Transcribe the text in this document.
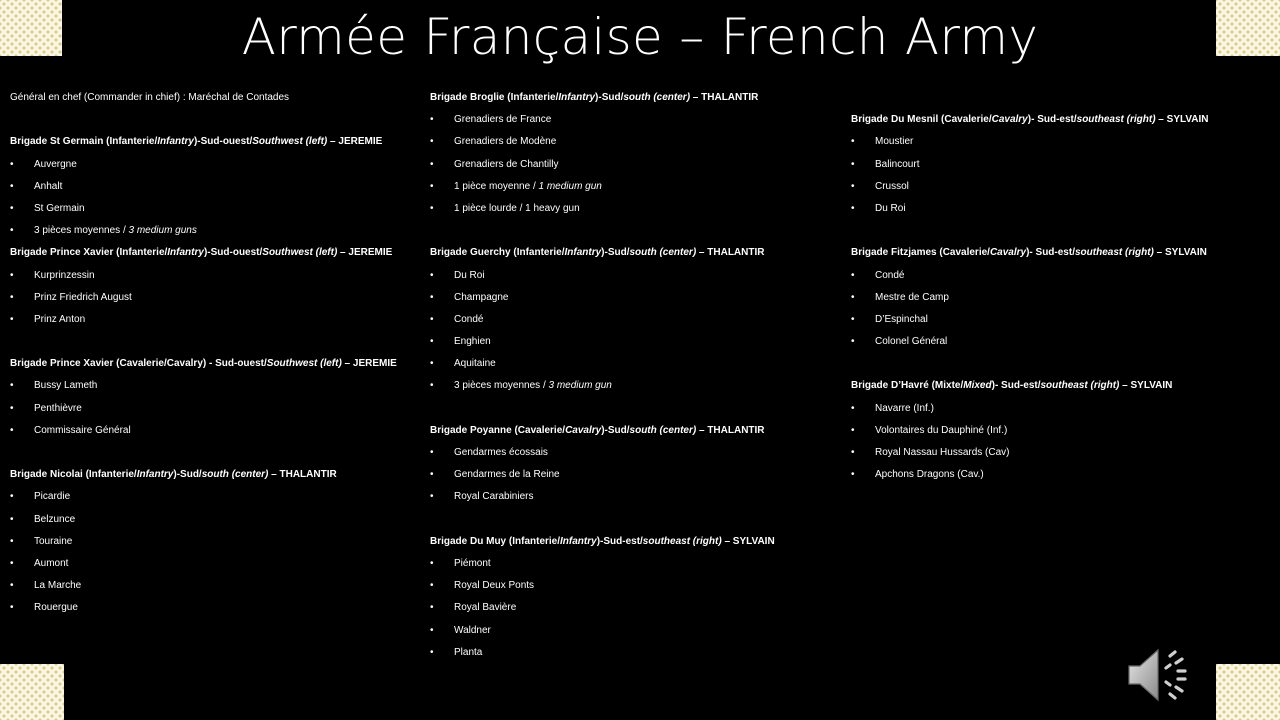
Armée Française – French Army
Général en chef (Commander in chief) : Maréchal de Contades
Brigade St Germain (Infanterie/Infantry)-Sud-ouest/Southwest (left) – JEREMIE
• Auvergne
• Anhalt
• St Germain
• 3 pièces moyennes / 3 medium guns
Brigade Prince Xavier (Infanterie/Infantry)-Sud-ouest/Southwest (left) – JEREMIE
• Kurprinzessin
• Prinz Friedrich August
• Prinz Anton
Brigade Prince Xavier (Cavalerie/Cavalry) - Sud-ouest/Southwest (left) – JEREMIE
• Bussy Lameth
• Penthièvre
• Commissaire Général
Brigade Nicolai (Infanterie/Infantry)-Sud/south (center) – THALANTIR
• Picardie
• Belzunce
• Touraine
• Aumont
• La Marche
• Rouergue
Brigade Broglie (Infanterie/Infantry)-Sud/south (center) – THALANTIR
• Grenadiers de France
• Grenadiers de Modène
• Grenadiers de Chantilly
• 1 pièce moyenne / 1 medium gun
• 1 pièce lourde / 1 heavy gun
Brigade Guerchy (Infanterie/Infantry)-Sud/south (center) – THALANTIR
• Du Roi
• Champagne
• Condé
• Enghien
• Aquitaine
• 3 pièces moyennes / 3 medium gun
Brigade Poyanne (Cavalerie/Cavalry)-Sud/south (center) – THALANTIR
• Gendarmes écossais
• Gendarmes de la Reine
• Royal Carabiniers
Brigade Du Muy (Infanterie/Infantry)-Sud-est/southeast (right) – SYLVAIN
• Piémont
• Royal Deux Ponts
• Royal Bavière
• Waldner
• Planta
Brigade Du Mesnil (Cavalerie/Cavalry)- Sud-est/southeast (right) – SYLVAIN
• Moustier
• Balincourt
• Crussol
• Du Roi
Brigade Fitzjames (Cavalerie/Cavalry)- Sud-est/southeast (right) – SYLVAIN
• Condé
• Mestre de Camp
• D’Espinchal
• Colonel Général
Brigade D’Havré (Mixte/Mixed)- Sud-est/southeast (right) – SYLVAIN
• Navarre (Inf.)
• Volontaires du Dauphiné (Inf.)
• Royal Nassau Hussards (Cav)
• Apchons Dragons (Cav.)
